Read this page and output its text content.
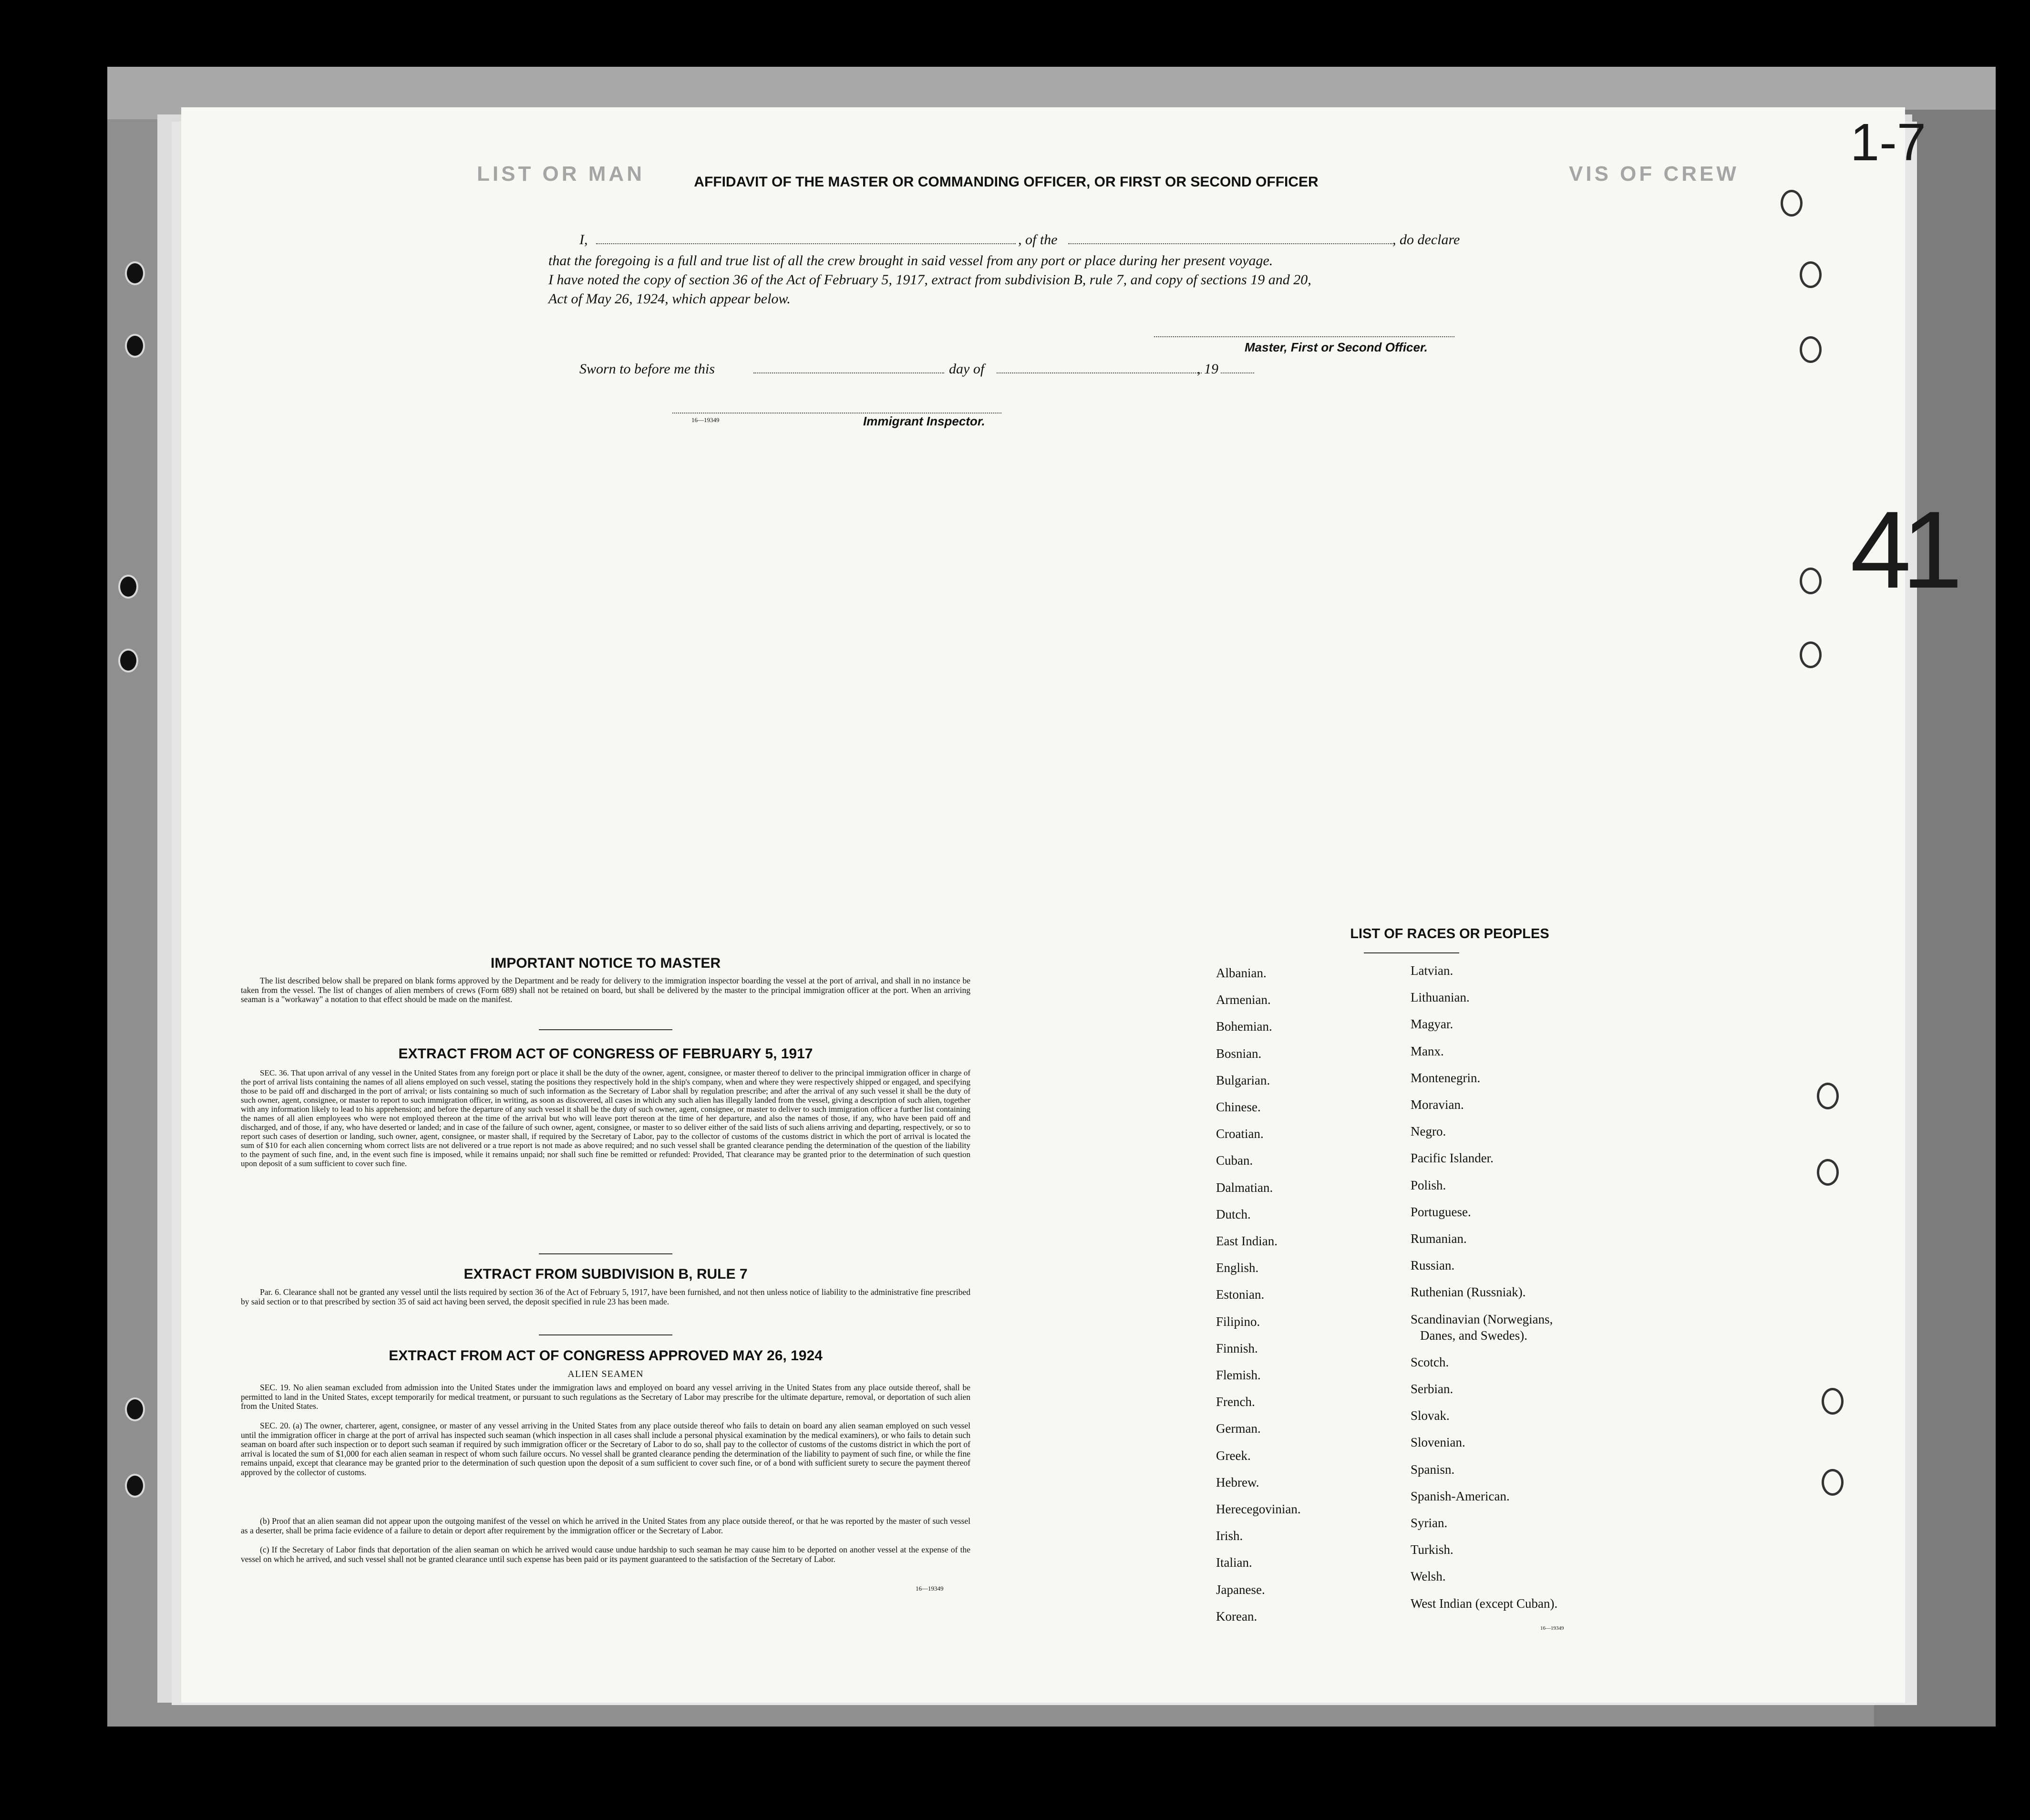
LIST OR MAN	VIS OF CREW
1-7
41
AFFIDAVIT OF THE MASTER OR COMMANDING OFFICER, OR FIRST OR SECOND OFFICER
I,	, of the	, do declare
that the foregoing is a full and true list of all the crew brought in said vessel from any port or place during her present voyage.
I have noted the copy of section 36 of the Act of February 5, 1917, extract from subdivision B, rule 7, and copy of sections 19 and 20,
Act of May 26, 1924, which appear below.
Master, First or Second Officer.
Sworn to before me this	day of	, 19
16—19349	Immigrant Inspector.
IMPORTANT NOTICE TO MASTER
The list described below shall be prepared on blank forms approved by the Department and be ready for delivery to the immigration inspector boarding the vessel at the port of arrival, and shall in no instance be taken from the vessel. The list of changes of alien members of crews (Form 689) shall not be retained on board, but shall be delivered by the master to the principal immigration officer at the port. When an arriving seaman is a "workaway" a notation to that effect should be made on the manifest.
EXTRACT FROM ACT OF CONGRESS OF FEBRUARY 5, 1917
SEC. 36. That upon arrival of any vessel in the United States from any foreign port or place it shall be the duty of the owner, agent, consignee, or master thereof to deliver to the principal immigration officer in charge of the port of arrival lists containing the names of all aliens employed on such vessel, stating the positions they respectively hold in the ship's company, when and where they were respectively shipped or engaged, and specifying those to be paid off and discharged in the port of arrival; or lists containing so much of such information as the Secretary of Labor shall by regulation prescribe; and after the arrival of any such vessel it shall be the duty of such owner, agent, consignee, or master to report to such immigration officer, in writing, as soon as discovered, all cases in which any such alien has illegally landed from the vessel, giving a description of such alien, together with any information likely to lead to his apprehension; and before the departure of any such vessel it shall be the duty of such owner, agent, consignee, or master to deliver to such immigration officer a further list containing the names of all alien employees who were not employed thereon at the time of the arrival but who will leave port thereon at the time of her departure, and also the names of those, if any, who have been paid off and discharged, and of those, if any, who have deserted or landed; and in case of the failure of such owner, agent, consignee, or master to so deliver either of the said lists of such aliens arriving and departing, respectively, or so to report such cases of desertion or landing, such owner, agent, consignee, or master shall, if required by the Secretary of Labor, pay to the collector of customs of the customs district in which the port of arrival is located the sum of $10 for each alien concerning whom correct lists are not delivered or a true report is not made as above required; and no such vessel shall be granted clearance pending the determination of the question of the liability to the payment of such fine, and, in the event such fine is imposed, while it remains unpaid; nor shall such fine be remitted or refunded: Provided, That clearance may be granted prior to the determination of such question upon deposit of a sum sufficient to cover such fine.
EXTRACT FROM SUBDIVISION B, RULE 7
Par. 6. Clearance shall not be granted any vessel until the lists required by section 36 of the Act of February 5, 1917, have been furnished, and not then unless notice of liability to the administrative fine prescribed by said section or to that prescribed by section 35 of said act having been served, the deposit specified in rule 23 has been made.
EXTRACT FROM ACT OF CONGRESS APPROVED MAY 26, 1924
ALIEN SEAMEN
SEC. 19. No alien seaman excluded from admission into the United States under the immigration laws and employed on board any vessel arriving in the United States from any place outside thereof, shall be permitted to land in the United States, except temporarily for medical treatment, or pursuant to such regulations as the Secretary of Labor may prescribe for the ultimate departure, removal, or deportation of such alien from the United States.
SEC. 20. (a) The owner, charterer, agent, consignee, or master of any vessel arriving in the United States from any place outside thereof who fails to detain on board any alien seaman employed on such vessel until the immigration officer in charge at the port of arrival has inspected such seaman (which inspection in all cases shall include a personal physical examination by the medical examiners), or who fails to detain such seaman on board after such inspection or to deport such seaman if required by such immigration officer or the Secretary of Labor to do so, shall pay to the collector of customs of the customs district in which the port of arrival is located the sum of $1,000 for each alien seaman in respect of whom such failure occurs. No vessel shall be granted clearance pending the determination of the liability to payment of such fine, or while the fine remains unpaid, except that clearance may be granted prior to the determination of such question upon the deposit of a sum sufficient to cover such fine, or of a bond with sufficient surety to secure the payment thereof approved by the collector of customs.
(b) Proof that an alien seaman did not appear upon the outgoing manifest of the vessel on which he arrived in the United States from any place outside thereof, or that he was reported by the master of such vessel as a deserter, shall be prima facie evidence of a failure to detain or deport after requirement by the immigration officer or the Secretary of Labor.
(c) If the Secretary of Labor finds that deportation of the alien seaman on which he arrived would cause undue hardship to such seaman he may cause him to be deported on another vessel at the expense of the vessel on which he arrived, and such vessel shall not be granted clearance until such expense has been paid or its payment guaranteed to the satisfaction of the Secretary of Labor.
16—19349
LIST OF RACES OR PEOPLES
Albanian.
Armenian.
Bohemian.
Bosnian.
Bulgarian.
Chinese.
Croatian.
Cuban.
Dalmatian.
Dutch.
East Indian.
English.
Estonian.
Filipino.
Finnish.
Flemish.
French.
German.
Greek.
Hebrew.
Herecegovinian.
Irish.
Italian.
Japanese.
Korean.
Latvian.
Lithuanian.
Magyar.
Manx.
Montenegrin.
Moravian.
Negro.
Pacific Islander.
Polish.
Portuguese.
Rumanian.
Russian.
Ruthenian (Russniak).
Scandinavian (Norwegians,
Danes, and Swedes).
Scotch.
Serbian.
Slovak.
Slovenian.
Spanisn.
Spanish-American.
Syrian.
Turkish.
Welsh.
West Indian (except Cuban).
16—19349
